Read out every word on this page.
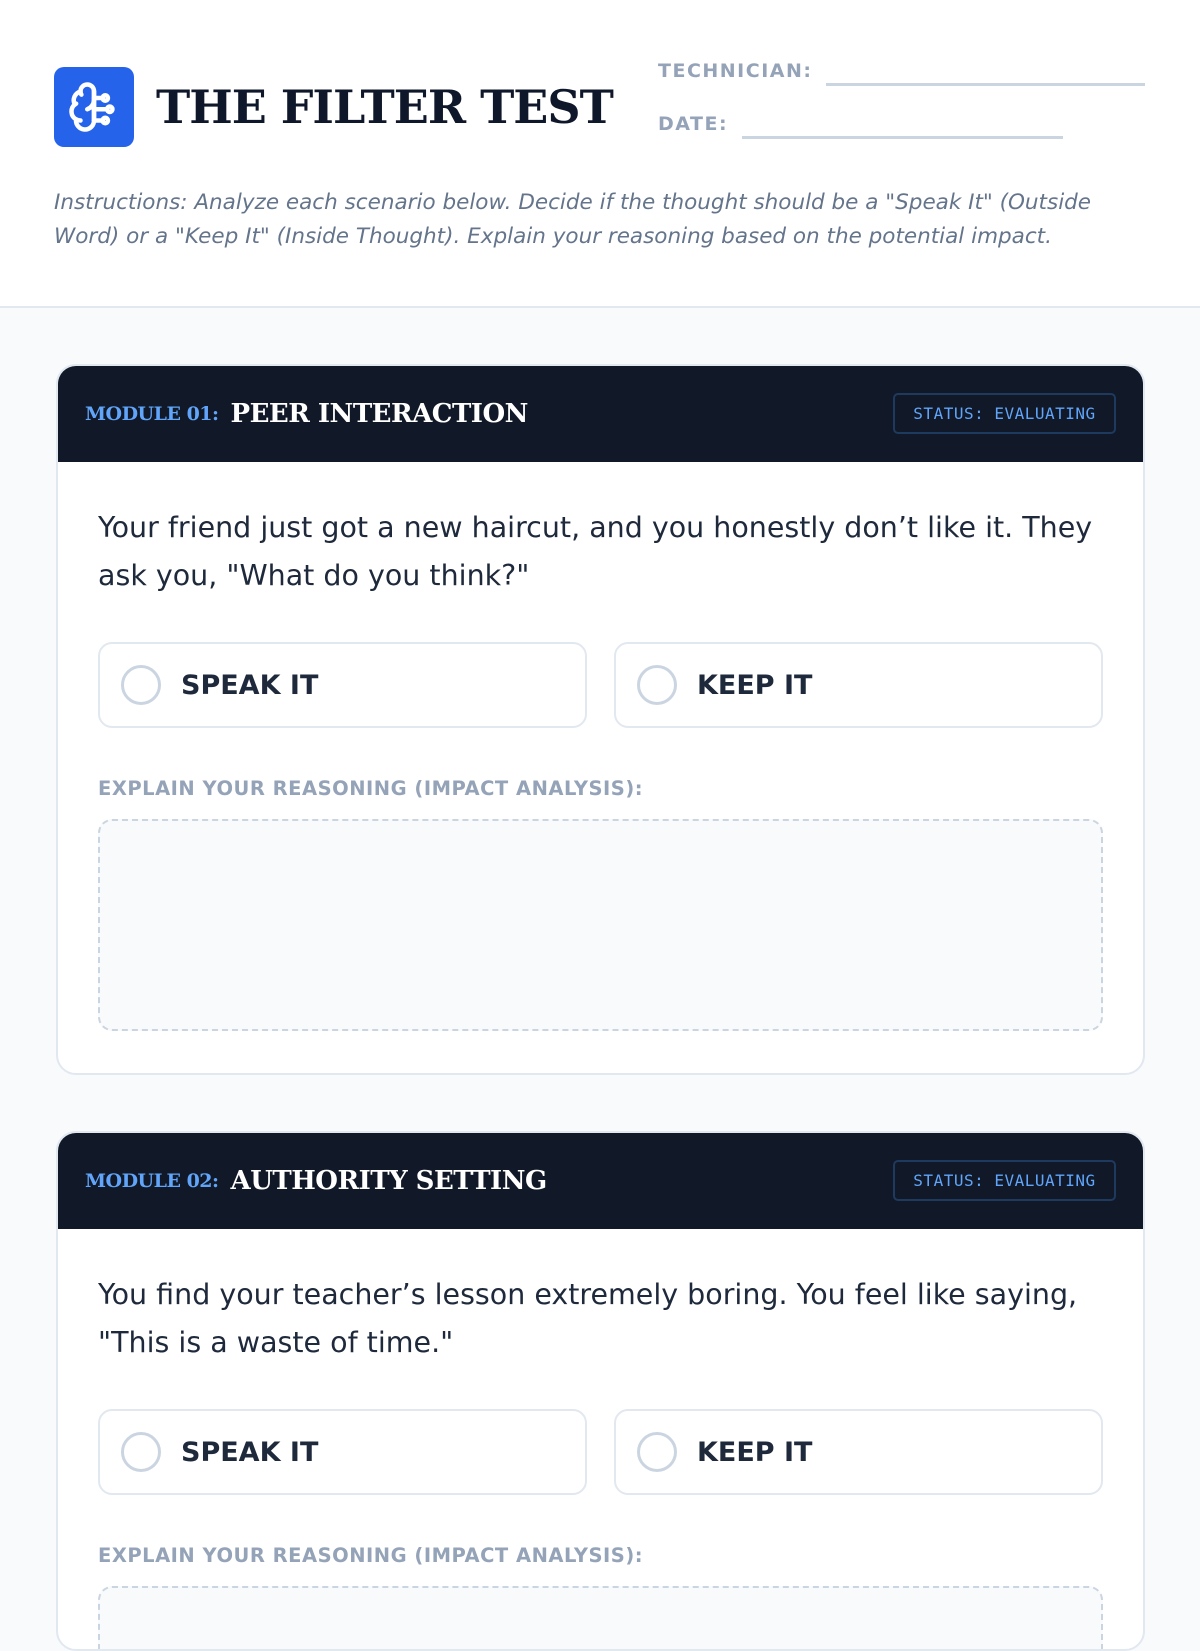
THE FILTER TEST
TECHNICIAN:
DATE:

Instructions: Analyze each scenario below. Decide if the thought should be a "Speak It" (Outside Word) or a "Keep It" (Inside Thought). Explain your reasoning based on the potential impact.

MODULE 01: PEER INTERACTION	STATUS: EVALUATING

Your friend just got a new haircut, and you honestly don’t like it. They ask you, "What do you think?"

SPEAK IT	KEEP IT
EXPLAIN YOUR REASONING (IMPACT ANALYSIS):
MODULE 02: AUTHORITY SETTING	STATUS: EVALUATING

You find your teacher’s lesson extremely boring. You feel like saying, "This is a waste of time."

SPEAK IT	KEEP IT
EXPLAIN YOUR REASONING (IMPACT ANALYSIS):
